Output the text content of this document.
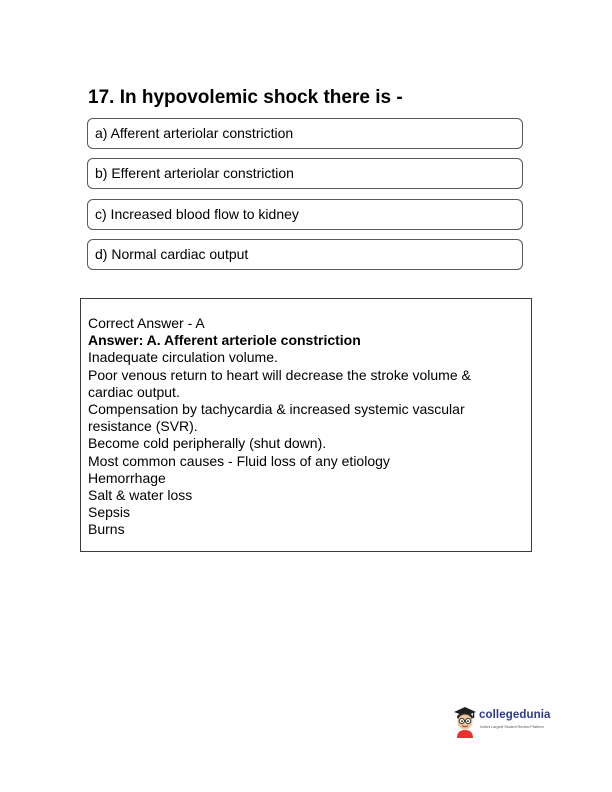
17. In hypovolemic shock there is -
a) Afferent arteriolar constriction
b) Efferent arteriolar constriction
c) Increased blood flow to kidney
d) Normal cardiac output
Correct Answer - A
Answer: A. Afferent arteriole constriction
Inadequate circulation volume.
Poor venous return to heart will decrease the stroke volume &
cardiac output.
Compensation by tachycardia & increased systemic vascular
resistance (SVR).
Become cold peripherally (shut down).
Most common causes - Fluid loss of any etiology
Hemorrhage
Salt & water loss
Sepsis
Burns
collegedunia
India's Largest Student Review Platform
